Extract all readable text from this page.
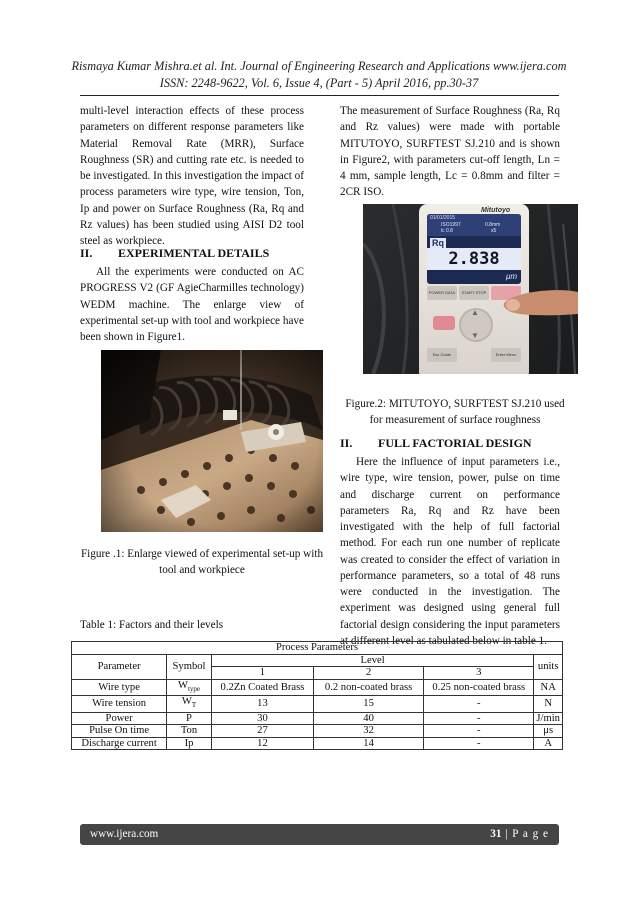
Rismaya Kumar Mishra.et al. Int. Journal of Engineering Research and Applications www.ijera.com
ISSN: 2248-9622, Vol. 6, Issue 4, (Part - 5) April 2016, pp.30-37

multi-level interaction effects of these process parameters on different response parameters like Material Removal Rate (MRR), Surface Roughness (SR) and cutting rate etc. is needed to be investigated. In this investigation the impact of process parameters wire type, wire tension, Ton, Ip and power on Surface Roughness (Ra, Rq and Rz values) has been studied using AISI D2 tool steel as workpiece.

II. EXPERIMENTAL DETAILS

All the experiments were conducted on AC PROGRESS V2 (GF AgieCharmilles technology) WEDM machine. The enlarge view of experimental set-up with tool and workpiece have been shown in Figure1.

Figure .1: Enlarge viewed of experimental set-up with tool and workpiece

The measurement of Surface Roughness (Ra, Rq and Rz values) were made with portable MITUTOYO, SURFTEST SJ.210 and is shown in Figure2, with parameters cut-off length, Ln = 4 mm, sample length, Lc = 0.8mm and filter = 2CR ISO.

Mitutoyo
01/01/2015
ISO1997	0.8mm
lc 0.8	x5
Rq
2.838
μm
POWER DATA	START STOP
▲
▼
Esc Guide	Enter Menu
Figure.2: MITUTOYO, SURFTEST SJ.210 used for measurement of surface roughness
II. FULL FACTORIAL DESIGN

Here the influence of input parameters i.e., wire type, wire tension, power, pulse on time and discharge current on performance parameters Ra, Rq and Rz have been investigated with the help of full factorial method. For each run one number of replicate was created to consider the effect of variation in performance parameters, so a total of 48 runs were conducted in the investigation. The experiment was designed using general full factorial design considering the input parameters at different level as tabulated below in table 1.

Table 1: Factors and their levels
Process Parameters					
Parameter	Symbol	Level			units
		1	2	3	
Wire type	$W_{type}$	0.2Zn Coated Brass	0.2 non-coated brass	0.25 non-coated brass	NA
Wire tension	$W_T$	13	15	-	N
Power	P	30	40	-	J/min
Pulse On time	Ton	27	32	-	μs
Discharge current	Ip	12	14	-	A
www.ijera.com	31 | P a g e
